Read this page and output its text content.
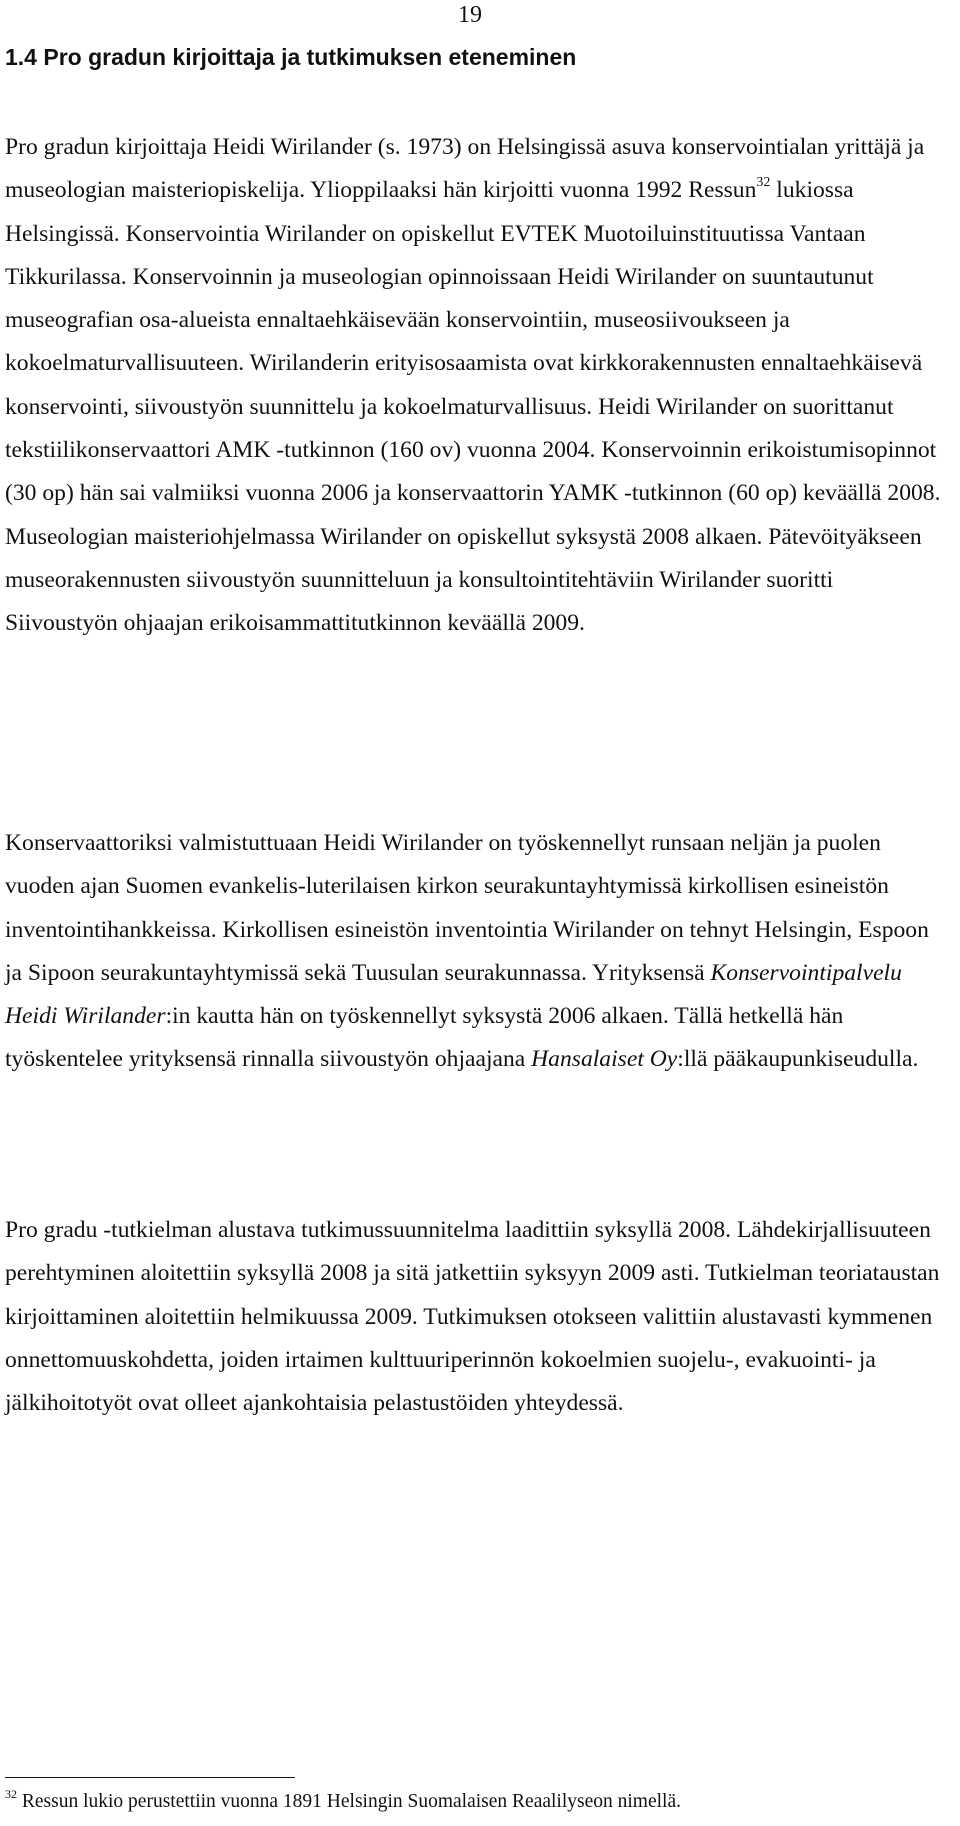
19
1.4 Pro gradun kirjoittaja ja tutkimuksen eteneminen

Pro gradun kirjoittaja Heidi Wirilander (s. 1973) on Helsingissä asuva konservointialan yrittäjä ja museologian maisteriopiskelija. Ylioppilaaksi hän kirjoitti vuonna 1992 Ressun$^{32}$ lukiossa Helsingissä. Konservointia Wirilander on opiskellut EVTEK Muotoiluinstituutissa Vantaan Tikkurilassa. Konservoinnin ja museologian opinnoissaan Heidi Wirilander on suuntautunut museografian osa-alueista ennaltaehkäisevään konservointiin, museosiivoukseen ja kokoelmaturvallisuuteen. Wirilanderin erityisosaamista ovat kirkkorakennusten ennaltaehkäisevä konservointi, siivoustyön suunnittelu ja kokoelmaturvallisuus. Heidi Wirilander on suorittanut tekstiilikonservaattori AMK -tutkinnon (160 ov) vuonna 2004. Konservoinnin erikoistumisopinnot (30 op) hän sai valmiiksi vuonna 2006 ja konservaattorin YAMK -tutkinnon (60 op) keväällä 2008. Museologian maisteriohjelmassa Wirilander on opiskellut syksystä 2008 alkaen. Pätevöityäkseen museorakennusten siivoustyön suunnitteluun ja konsultointitehtäviin Wirilander suoritti Siivoustyön ohjaajan erikoisammattitutkinnon keväällä 2009.

Konservaattoriksi valmistuttuaan Heidi Wirilander on työskennellyt runsaan neljän ja puolen vuoden ajan Suomen evankelis-luterilaisen kirkon seurakuntayhtymissä kirkollisen esineistön inventointihankkeissa. Kirkollisen esineistön inventointia Wirilander on tehnyt Helsingin, Espoon ja Sipoon seurakuntayhtymissä sekä Tuusulan seurakunnassa. Yrityksensä Konservointipalvelu Heidi Wirilander:in kautta hän on työskennellyt syksystä 2006 alkaen. Tällä hetkellä hän työskentelee yrityksensä rinnalla siivoustyön ohjaajana Hansalaiset Oy:llä pääkaupunkiseudulla.

Pro gradu -tutkielman alustava tutkimussuunnitelma laadittiin syksyllä 2008. Lähdekirjallisuuteen perehtyminen aloitettiin syksyllä 2008 ja sitä jatkettiin syksyyn 2009 asti. Tutkielman teoriataustan kirjoittaminen aloitettiin helmikuussa 2009. Tutkimuksen otokseen valittiin alustavasti kymmenen onnettomuuskohdetta, joiden irtaimen kulttuuriperinnön kokoelmien suojelu-, evakuointi- ja jälkihoitotyöt ovat olleet ajankohtaisia pelastustöiden yhteydessä.

$^{32}$ Ressun lukio perustettiin vuonna 1891 Helsingin Suomalaisen Reaalilyseon nimellä.
